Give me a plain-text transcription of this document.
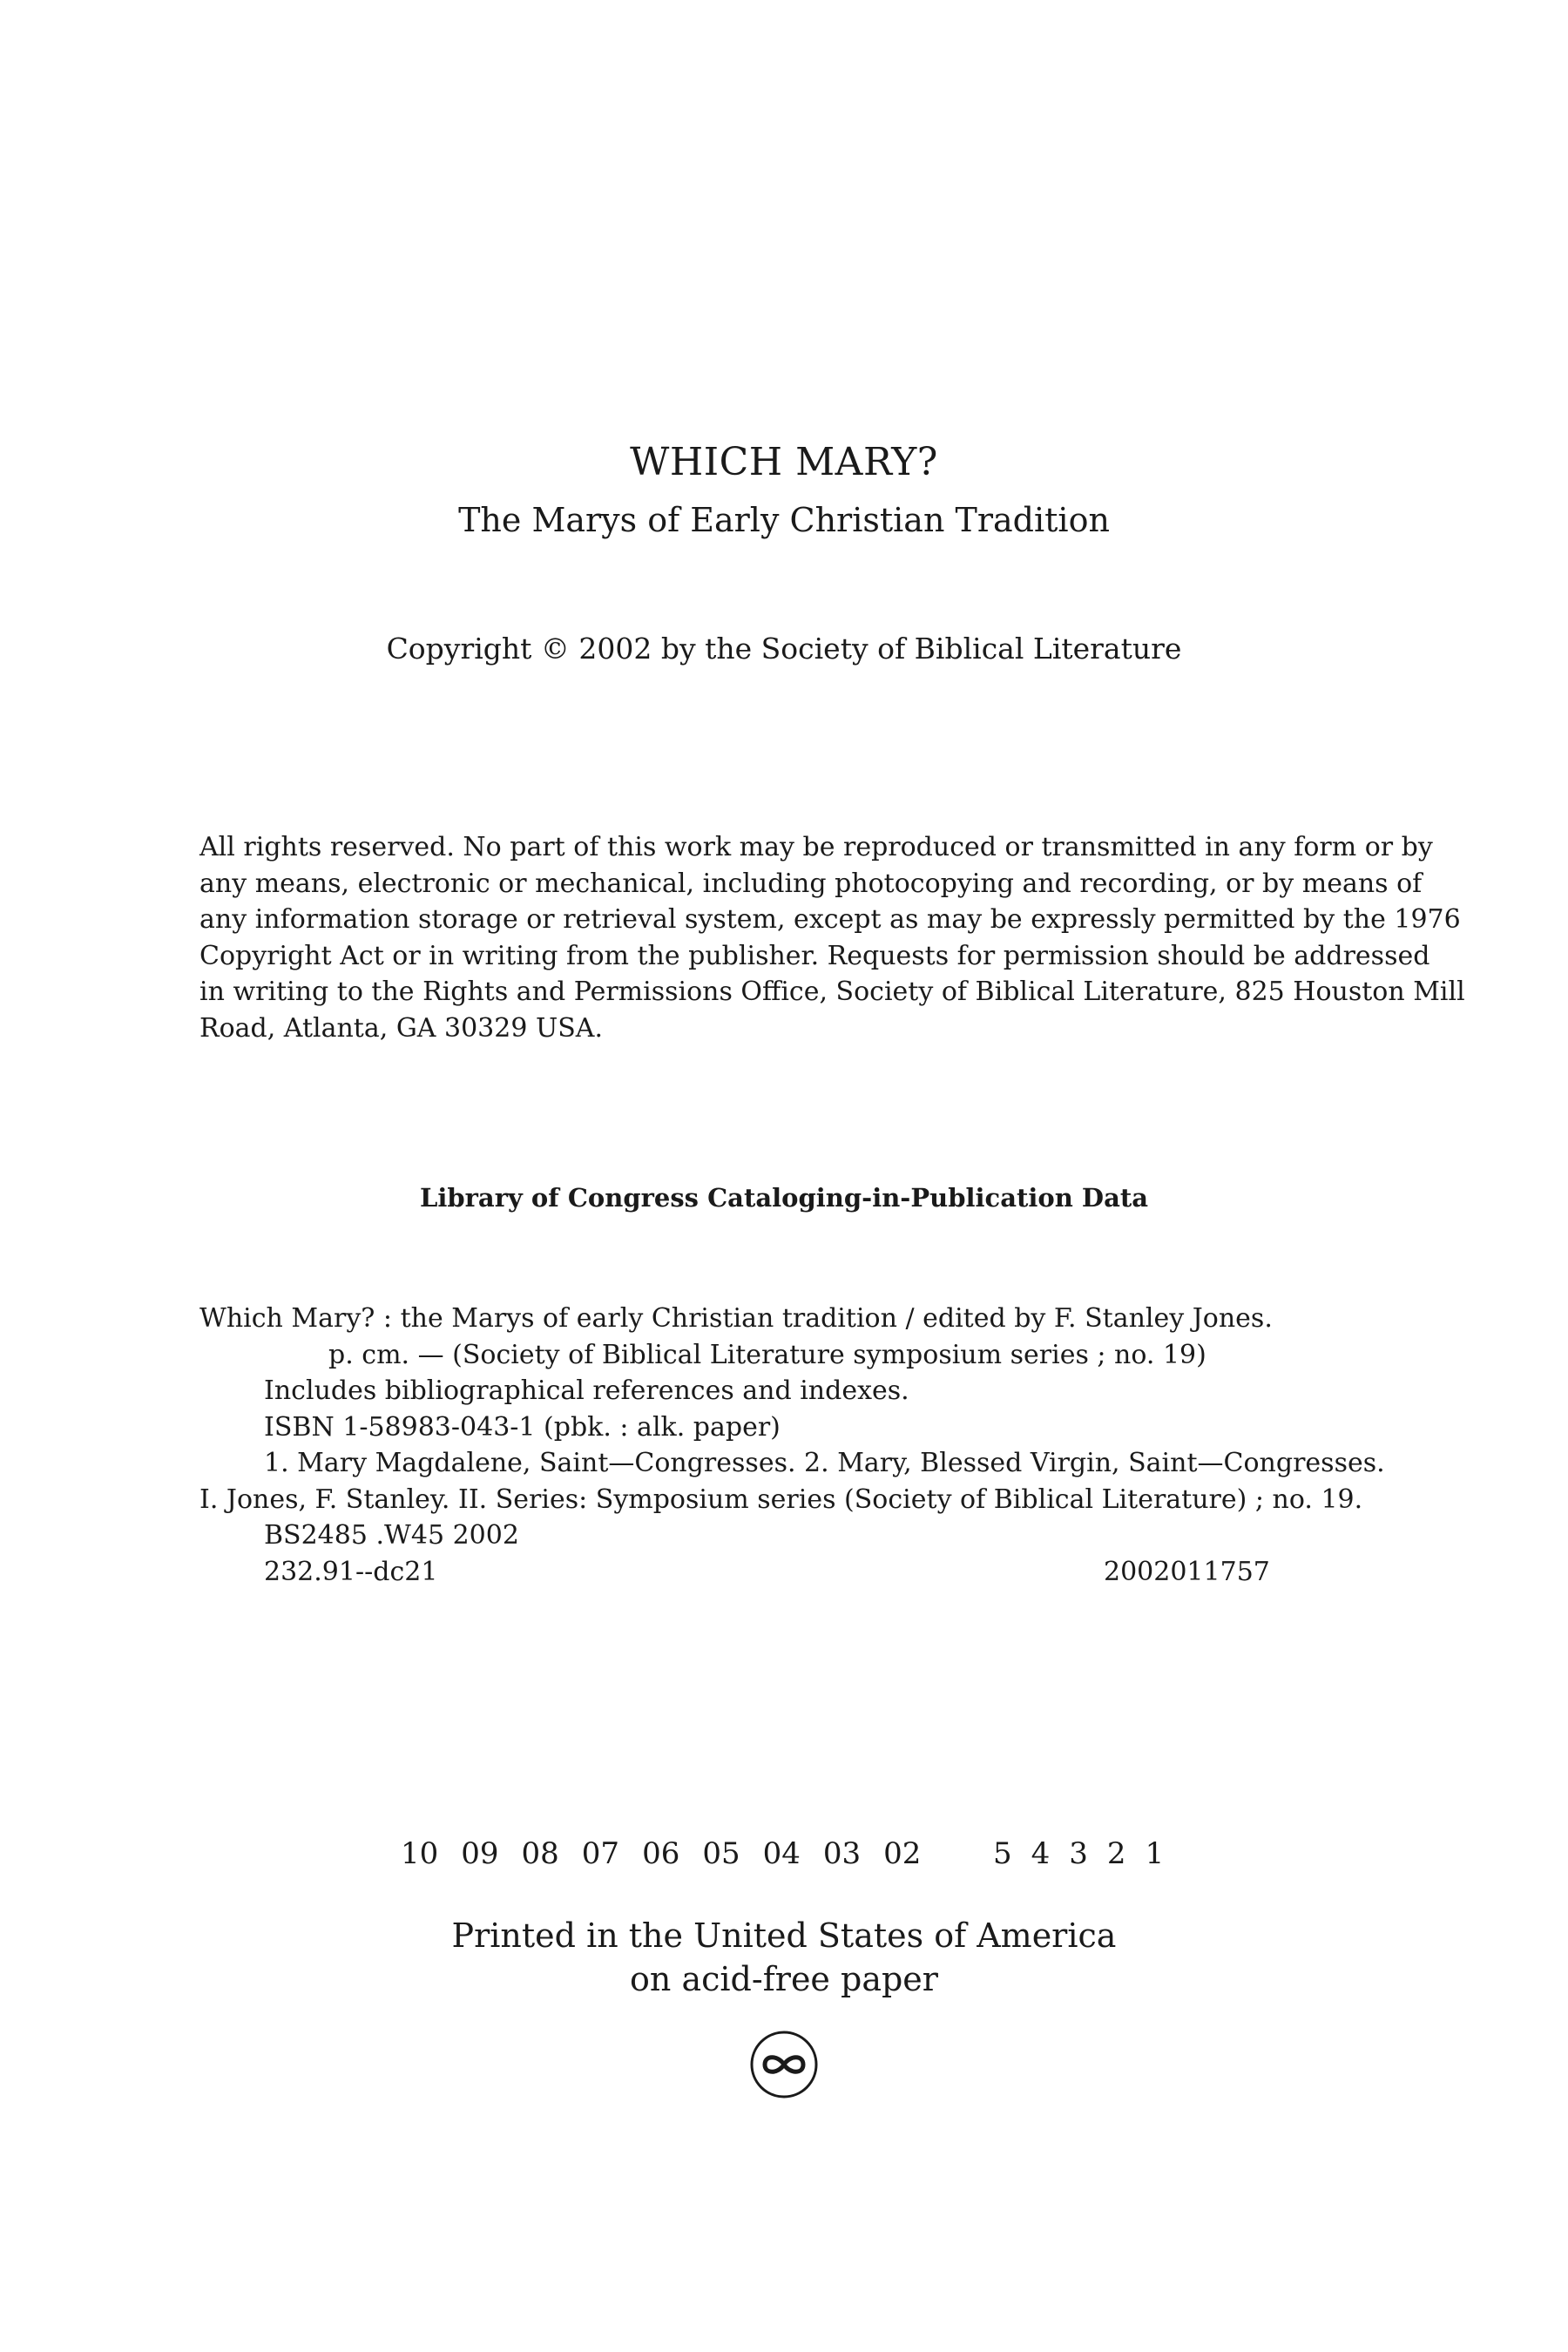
WHICH MARY?
The Marys of Early Christian Tradition
Copyright © 2002 by the Society of Biblical Literature
All rights reserved. No part of this work may be reproduced or transmitted in any form or by
any means, electronic or mechanical, including photocopying and recording, or by means of
any information storage or retrieval system, except as may be expressly permitted by the 1976
Copyright Act or in writing from the publisher. Requests for permission should be addressed
in writing to the Rights and Permissions Office, Society of Biblical Literature, 825 Houston Mill
Road, Atlanta, GA 30329 USA.
Library of Congress Cataloging-in-Publication Data
Which Mary? : the Marys of early Christian tradition / edited by F. Stanley Jones.
p. cm. — (Society of Biblical Literature symposium series ; no. 19)
Includes bibliographical references and indexes.
ISBN 1-58983-043-1 (pbk. : alk. paper)
1. Mary Magdalene, Saint—Congresses. 2. Mary, Blessed Virgin, Saint—Congresses.
I. Jones, F. Stanley. II. Series: Symposium series (Society of Biblical Literature) ; no. 19.
BS2485 .W45 2002
232.91--dc21	2002011757
10 09 08 07 06 05 04 03 02 5 4 3 2 1
Printed in the United States of America
on acid-free paper
